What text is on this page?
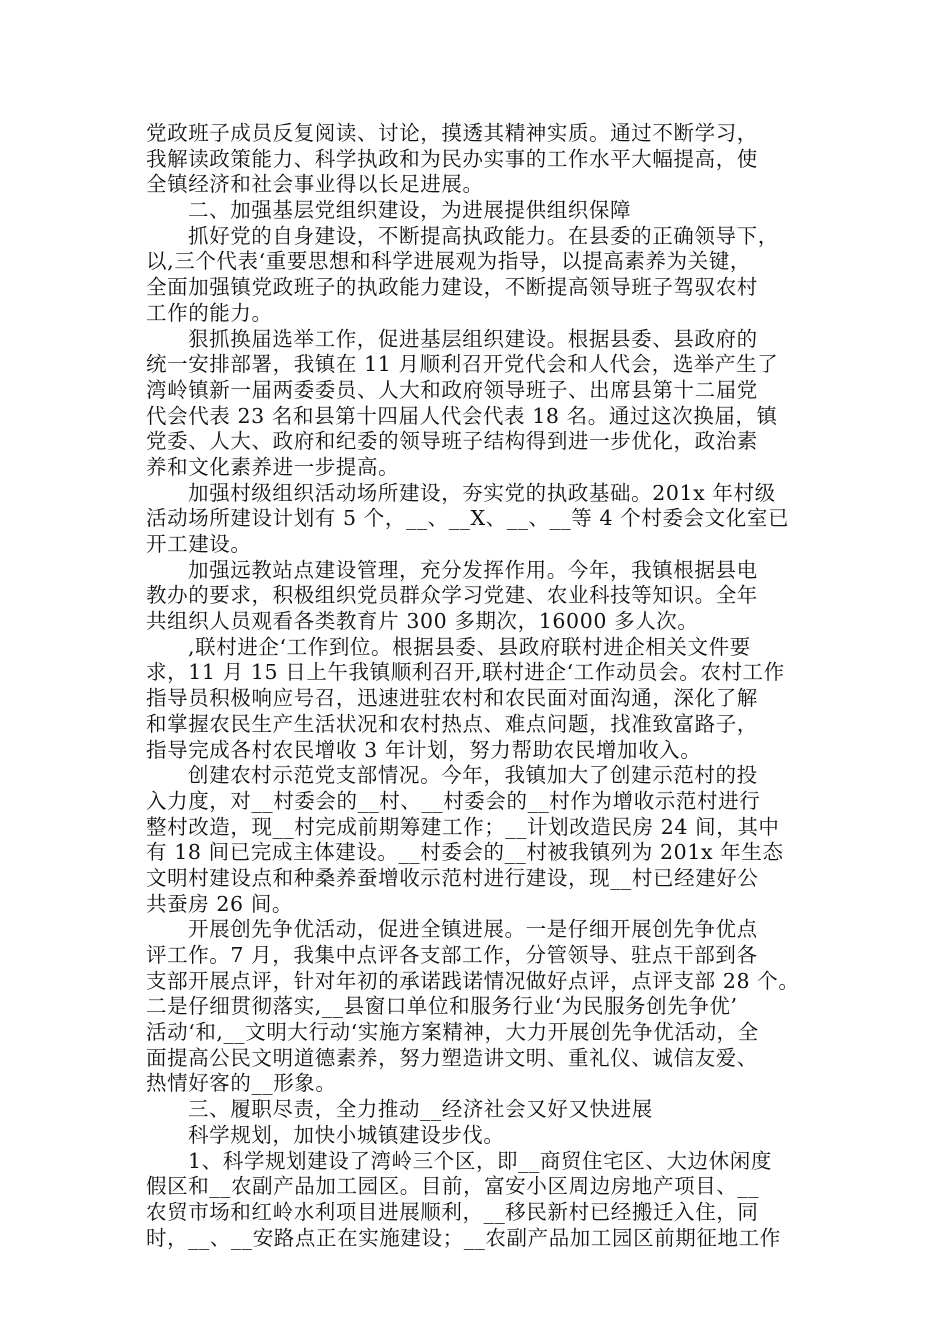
党政班子成员反复阅读、讨论，摸透其精神实质。通过不断学习，
我解读政策能力、科学执政和为民办实事的工作水平大幅提高，使
全镇经济和社会事业得以长足进展。
二、加强基层党组织建设，为进展提供组织保障
抓好党的自身建设，不断提高执政能力。在县委的正确领导下，
以,三个代表‘重要思想和科学进展观为指导，以提高素养为关键，
全面加强镇党政班子的执政能力建设，不断提高领导班子驾驭农村
工作的能力。
狠抓换届选举工作，促进基层组织建设。根据县委、县政府的
统一安排部署，我镇在 11 月顺利召开党代会和人代会，选举产生了
湾岭镇新一届两委委员、人大和政府领导班子、出席县第十二届党
代会代表 23 名和县第十四届人代会代表 18 名。通过这次换届，镇
党委、人大、政府和纪委的领导班子结构得到进一步优化，政治素
养和文化素养进一步提高。
加强村级组织活动场所建设，夯实党的执政基础。201x 年村级
活动场所建设计划有 5 个，__、__X、__、__等 4 个村委会文化室已
开工建设。
加强远教站点建设管理，充分发挥作用。今年，我镇根据县电
教办的要求，积极组织党员群众学习党建、农业科技等知识。全年
共组织人员观看各类教育片 300 多期次，16000 多人次。
,联村进企‘工作到位。根据县委、县政府联村进企相关文件要
求，11 月 15 日上午我镇顺利召开,联村进企‘工作动员会。农村工作
指导员积极响应号召，迅速进驻农村和农民面对面沟通，深化了解
和掌握农民生产生活状况和农村热点、难点问题，找准致富路子，
指导完成各村农民增收 3 年计划，努力帮助农民增加收入。
创建农村示范党支部情况。今年，我镇加大了创建示范村的投
入力度，对__村委会的__村、__村委会的__村作为增收示范村进行
整村改造，现__村完成前期筹建工作；__计划改造民房 24 间，其中
有 18 间已完成主体建设。__村委会的__村被我镇列为 201x 年生态
文明村建设点和种桑养蚕增收示范村进行建设，现__村已经建好公
共蚕房 26 间。
开展创先争优活动，促进全镇进展。一是仔细开展创先争优点
评工作。7 月，我集中点评各支部工作，分管领导、驻点干部到各
支部开展点评，针对年初的承诺践诺情况做好点评，点评支部 28 个。
二是仔细贯彻落实,__县窗口单位和服务行业‘为民服务创先争优’
活动‘和,__文明大行动‘实施方案精神，大力开展创先争优活动，全
面提高公民文明道德素养，努力塑造讲文明、重礼仪、诚信友爱、
热情好客的__形象。
三、履职尽责，全力推动__经济社会又好又快进展
科学规划，加快小城镇建设步伐。
1、科学规划建设了湾岭三个区，即__商贸住宅区、大边休闲度
假区和__农副产品加工园区。目前，富安小区周边房地产项目、__
农贸市场和红岭水利项目进展顺利，__移民新村已经搬迁入住，同
时，__、__安路点正在实施建设；__农副产品加工园区前期征地工作
